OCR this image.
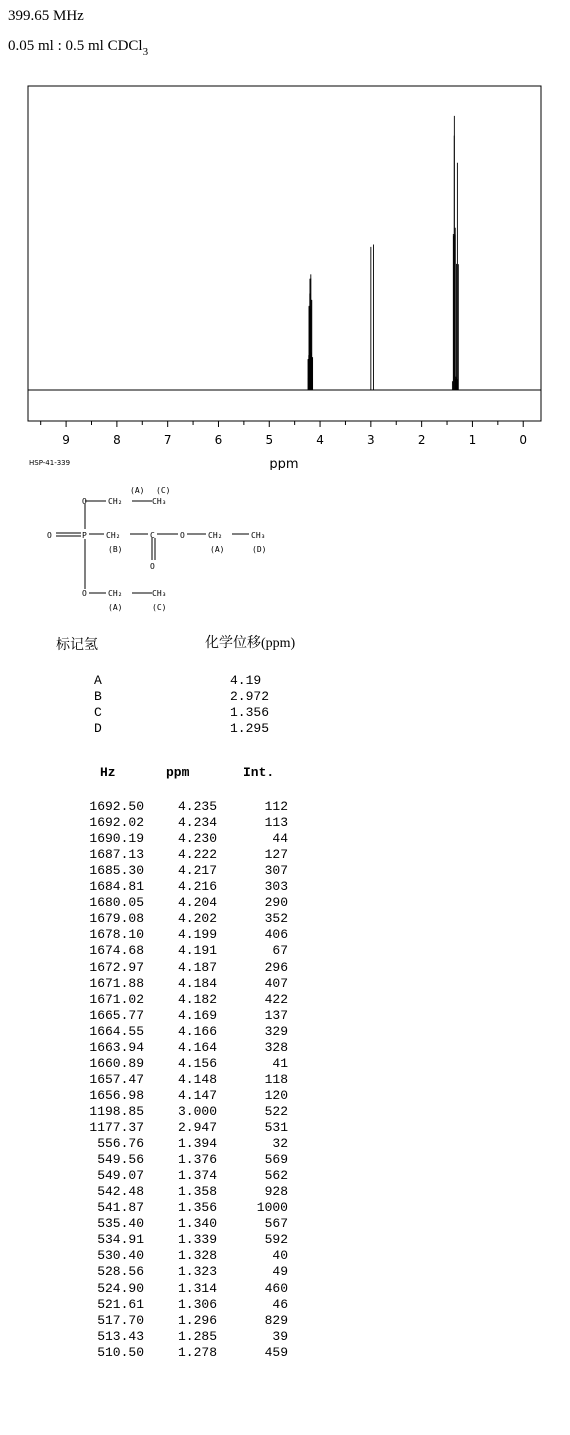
399.65 MHz
0.05 ml : 0.5 ml CDCl$_3$
9	8	7	6	5	4	3	2	1	0
ppm
HSP-41-339
(A) (C)
O	CH₂	CH₃
O	P CH₂	C	O	CH₂	CH₃
(B)	(A)	(D)
O
O	CH₂	CH₃
(A)	(C)
标记氢	化学位移(ppm)
A	4.19
B	2.972
C	1.356
D	1.295
Hz	ppm	Int.
1692.50	4.235	112
1692.02	4.234	113
1690.19	4.230	44
1687.13	4.222	127
1685.30	4.217	307
1684.81	4.216	303
1680.05	4.204	290
1679.08	4.202	352
1678.10	4.199	406
1674.68	4.191	67
1672.97	4.187	296
1671.88	4.184	407
1671.02	4.182	422
1665.77	4.169	137
1664.55	4.166	329
1663.94	4.164	328
1660.89	4.156	41
1657.47	4.148	118
1656.98	4.147	120
1198.85	3.000	522
1177.37	2.947	531
556.76	1.394	32
549.56	1.376	569
549.07	1.374	562
542.48	1.358	928
541.87	1.356	1000
535.40	1.340	567
534.91	1.339	592
530.40	1.328	40
528.56	1.323	49
524.90	1.314	460
521.61	1.306	46
517.70	1.296	829
513.43	1.285	39
510.50	1.278	459
